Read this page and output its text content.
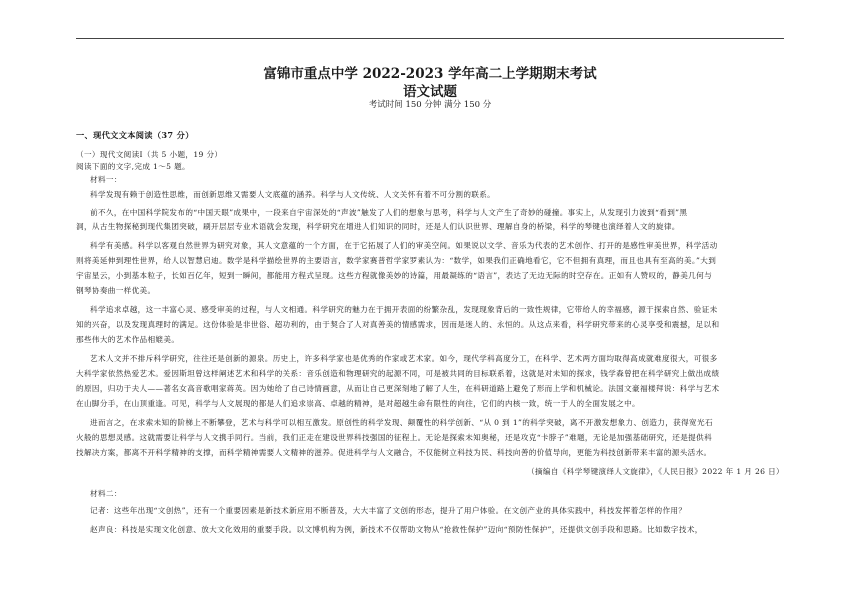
富锦市重点中学 2022-2023 学年高二上学期期末考试
语文试题
考试时间 150 分钟 满分 150 分
一、现代文文本阅读（37 分）
（一）现代文阅读Ⅰ（共 5 小题，19 分）
阅读下面的文字,完成 1～5 题。
材料一：
科学发现有赖于创造性思维，而创新思维又需要人文底蕴的涵养。科学与人文传统、人文关怀有着不可分割的联系。
前不久，在中国科学院发布的“中国天眼”成果中，一段来自宇宙深处的“声波”触发了人们的想象与思考，科学与人文产生了奇妙的碰撞。事实上，从发现引力波到“看到”黑
洞，从古生物探秘到现代集团突破，刷开层层专业术语就会发现，科学研究在增进人们知识的同时，还是人们认识世界、理解自身的桥梁，科学的琴键也演绎着人文的旋律。
科学有美感。科学以客观自然世界为研究对象，其人文意蕴的一个方面，在于它拓展了人们的审美空间。如果说以文学、音乐为代表的艺术创作、打开的是感性审美世界，科学活动
则将美延伸到理性世界，给人以智慧启迪。数学是科学描绘世界的主要语言，数学家赛普哲学家罗素认为：“数学，如果我们正确地看它，它不但拥有真理，而且也具有至高的美。”大到
宇宙星云，小到基本粒子，长如百亿年，短到一瞬间，都能用方程式呈现。这些方程就像美妙的诗篇，用最凝练的“语言”，表达了无边无际的时空存在。正如有人赞叹的，静美几何与
钢琴协奏曲一样优美。
科学追求卓越，这一丰富心灵、感受审美的过程，与人文相通。科学研究的魅力在于拥开表面的纷繁杂乱，发现现象背后的一致性规律，它带给人的幸福感，源于探索自然、验证未
知的兴奋，以及发现真理时的满足。这份体验是非世俗、超功利的，由于契合了人对真善美的情感需求，因而是迷人的、永恒的。从这点来看，科学研究带来的心灵享受和震撼，足以和
那些伟大的艺术作品相媲美。
艺术人文并不排斥科学研究，往往还是创新的源泉。历史上，许多科学家也是优秀的作家或艺术家。如今，现代学科高度分工，在科学、艺术两方面均取得高成就难度很大，可很多
大科学家依然热爱艺术。爱因斯坦曾这样阐述艺术和科学的关系：音乐创造和物理研究的起源不同，可是被共同的目标联系着，这就是对未知的探求，钱学森曾把在科学研究上做出成绩
的原因，归功于夫人——著名女高音歌唱家蒋英。因为她给了自己诗情画意，从而让自己更深刻地了解了人生，在科研道路上避免了形而上学和机械论。法国文豪福楼拜说：科学与艺术
在山脚分手，在山顶重逢。可见，科学与人文展现的都是人们追求崇高、卓越的精神，是对超越生命有限性的向往，它们的内核一致，统一于人的全面发展之中。
进而言之，在求索未知的阶梯上不断攀登，艺术与科学可以相互激发。原创性的科学发现、颠覆性的科学创新、“从 0 到 1”的科学突破，离不开激发想象力、创造力，获得宽光石
火般的思想灵感。这就需要让科学与人文携手同行。当前，我们正走在建设世界科技强国的征程上。无论是探索未知奥秘，还是攻克“卡脖子”难题，无论是加强基础研究，还是提供科
技解决方案，都离不开科学精神的支撑，而科学精神需要人文精神的滋养。促进科学与人文融合，不仅能树立科技为民、科技向善的价值导向，更能为科技创新带来丰富的源头活水。
（摘编自《科学琴键演绎人文旋律》，《人民日报》2022 年 1 月 26 日）
材料二：
记者：这些年出现“文创热”，还有一个重要因素是新技术新应用不断普及，大大丰富了文创的形态，提升了用户体验。在文创产业的具体实践中，科技发挥着怎样的作用？
赵声良：科技是实现文化创意、放大文化效用的重要手段。以文博机构为例，新技术不仅帮助文物从“抢救性保护”迈向“预防性保护”，还提供文创手段和思路。比如数字技术，
